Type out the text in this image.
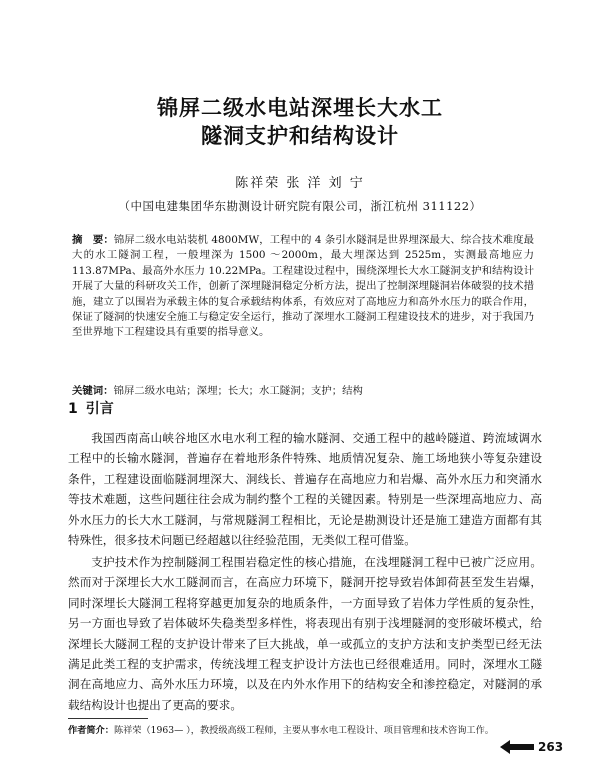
锦屏二级水电站深埋长大水工
隧洞支护和结构设计
陈祥荣 张 洋 刘 宁
（中国电建集团华东勘测设计研究院有限公司，浙江杭州 311122）
摘　要：锦屏二级水电站装机 4800MW，工程中的 4 条引水隧洞是世界埋深最大、综合技术难度最大的水工隧洞工程，一般埋深为 1500 ～2000m，最大埋深达到 2525m，实测最高地应力 113.87MPa、最高外水压力 10.22MPa。工程建设过程中，围绕深埋长大水工隧洞支护和结构设计开展了大量的科研攻关工作，创新了深埋隧洞稳定分析方法，提出了控制深埋隧洞岩体破裂的技术措施，建立了以围岩为承载主体的复合承载结构体系，有效应对了高地应力和高外水压力的联合作用，保证了隧洞的快速安全施工与稳定安全运行，推动了深埋水工隧洞工程建设技术的进步，对于我国乃至世界地下工程建设具有重要的指导意义。
关键词：锦屏二级水电站；深埋；长大；水工隧洞；支护；结构
1 引言

我国西南高山峡谷地区水电水利工程的输水隧洞、交通工程中的越岭隧道、跨流域调水工程中的长输水隧洞，普遍存在着地形条件特殊、地质情况复杂、施工场地狭小等复杂建设条件，工程建设面临隧洞埋深大、洞线长、普遍存在高地应力和岩爆、高外水压力和突涌水等技术难题，这些问题往往会成为制约整个工程的关键因素。特别是一些深埋高地应力、高外水压力的长大水工隧洞，与常规隧洞工程相比，无论是勘测设计还是施工建造方面都有其特殊性，很多技术问题已经超越以往经验范围，无类似工程可借鉴。

支护技术作为控制隧洞工程围岩稳定性的核心措施，在浅埋隧洞工程中已被广泛应用。然而对于深埋长大水工隧洞而言，在高应力环境下，隧洞开挖导致岩体卸荷甚至发生岩爆，同时深埋长大隧洞工程将穿越更加复杂的地质条件，一方面导致了岩体力学性质的复杂性，另一方面也导致了岩体破坏失稳类型多样性，将表现出有别于浅埋隧洞的变形破坏模式，给深埋长大隧洞工程的支护设计带来了巨大挑战，单一或孤立的支护方法和支护类型已经无法满足此类工程的支护需求，传统浅埋工程支护设计方法也已经很难适用。同时，深埋水工隧洞在高地应力、高外水压力环境，以及在内外水作用下的结构安全和渗控稳定，对隧洞的承载结构设计也提出了更高的要求。

作者简介：陈祥荣（1963— ），教授级高级工程师，主要从事水电工程设计、项目管理和技术咨询工作。
263
